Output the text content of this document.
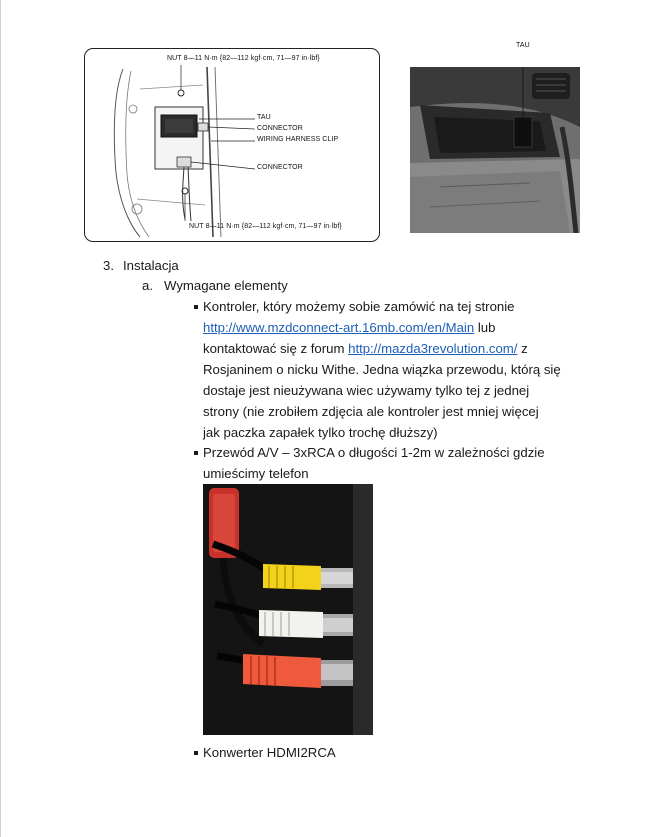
NUT 8—11 N·m {82—112 kgf·cm, 71—97 in·lbf}
TAU
CONNECTOR
WIRING HARNESS CLIP
CONNECTOR
NUT 8—11 N·m {82—112 kgf·cm, 71—97 in·lbf}
TAU
3. Instalacja
a. Wymagane elementy
Kontroler, który możemy sobie zamówić na tej stronie
http://www.mzdconnect-art.16mb.com/en/Main lub
kontaktować się z forum http://mazda3revolution.com/ z
Rosjaninem o nicku Withe. Jedna wiązka przewodu, którą się
dostaje jest nieużywana wiec używamy tylko tej z jednej
strony (nie zrobiłem zdjęcia ale kontroler jest mniej więcej
jak paczka zapałek tylko trochę dłuższy)
Przewód A/V – 3xRCA o długości 1-2m w zależności gdzie
umieścimy telefon
Konwerter HDMI2RCA
